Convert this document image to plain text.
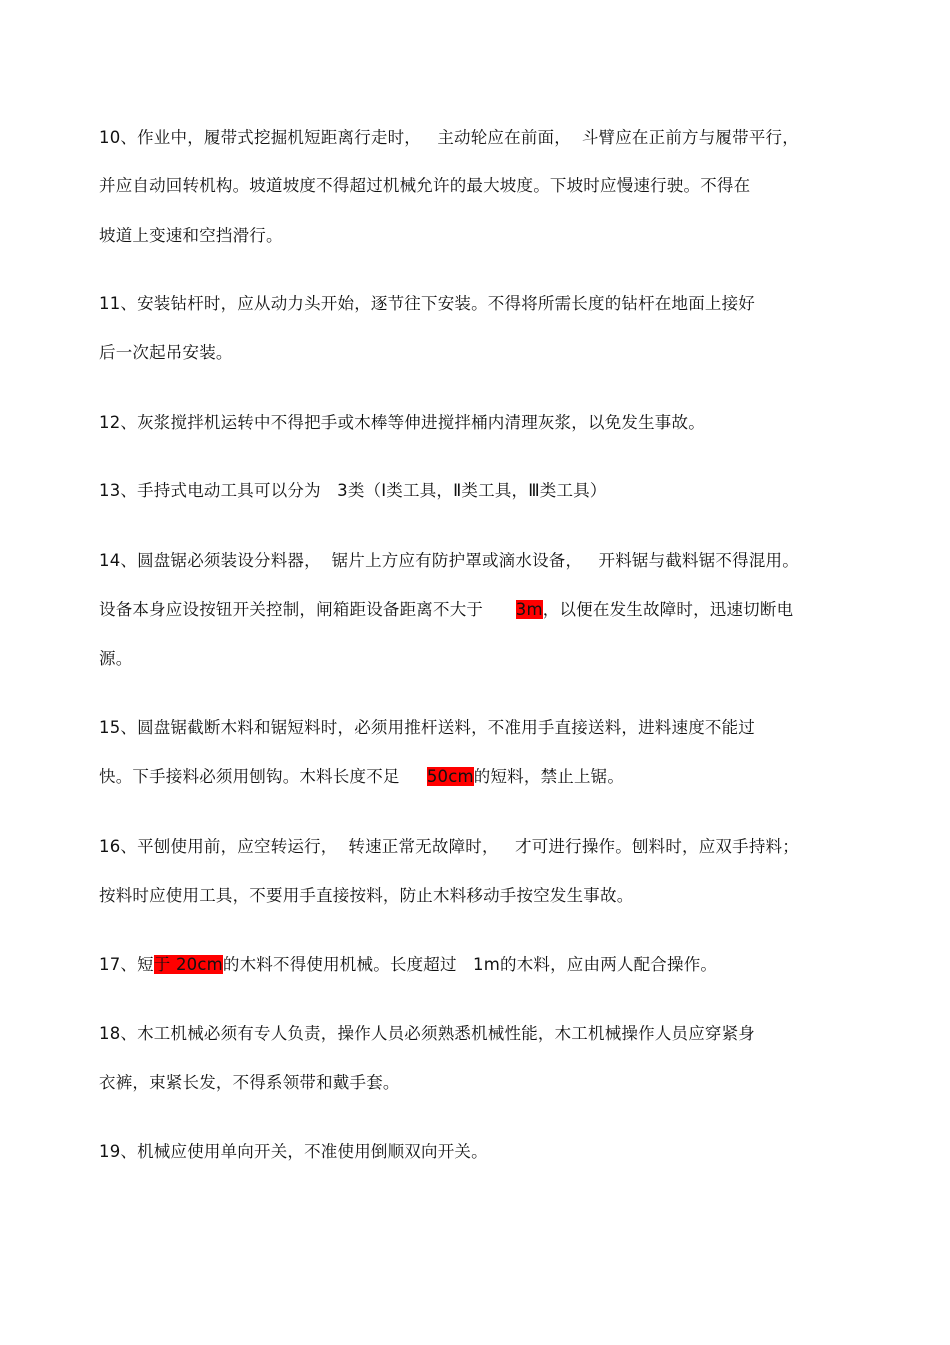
10、作业中，履带式挖掘机短距离行走时，   主动轮应在前面，  斗臂应在正前方与履带平行，
并应自动回转机构。坡道坡度不得超过机械允许的最大坡度。下坡时应慢速行驶。不得在
坡道上变速和空挡滑行。
11、安装钻杆时，应从动力头开始，逐节往下安装。不得将所需长度的钻杆在地面上接好
后一次起吊安装。
12、灰浆搅拌机运转中不得把手或木棒等伸进搅拌桶内清理灰浆，以免发生事故。
13、手持式电动工具可以分为   3类（Ⅰ类工具，Ⅱ类工具，Ⅲ类工具）
14、圆盘锯必须装设分料器，  锯片上方应有防护罩或滴水设备，   开料锯与截料锯不得混用。
设备本身应设按钮开关控制，闸箱距设备距离不大于      3m，以便在发生故障时，迅速切断电
源。
15、圆盘锯截断木料和锯短料时，必须用推杆送料，不准用手直接送料，进料速度不能过
快。下手接料必须用刨钩。木料长度不足     50cm的短料，禁止上锯。
16、平刨使用前，应空转运行，  转速正常无故障时，   才可进行操作。刨料时，应双手持料；
按料时应使用工具，不要用手直接按料，防止木料移动手按空发生事故。
17、短于 20cm的木料不得使用机械。长度超过   1m的木料，应由两人配合操作。
18、木工机械必须有专人负责，操作人员必须熟悉机械性能，木工机械操作人员应穿紧身
衣裤，束紧长发，不得系领带和戴手套。
19、机械应使用单向开关，不准使用倒顺双向开关。
